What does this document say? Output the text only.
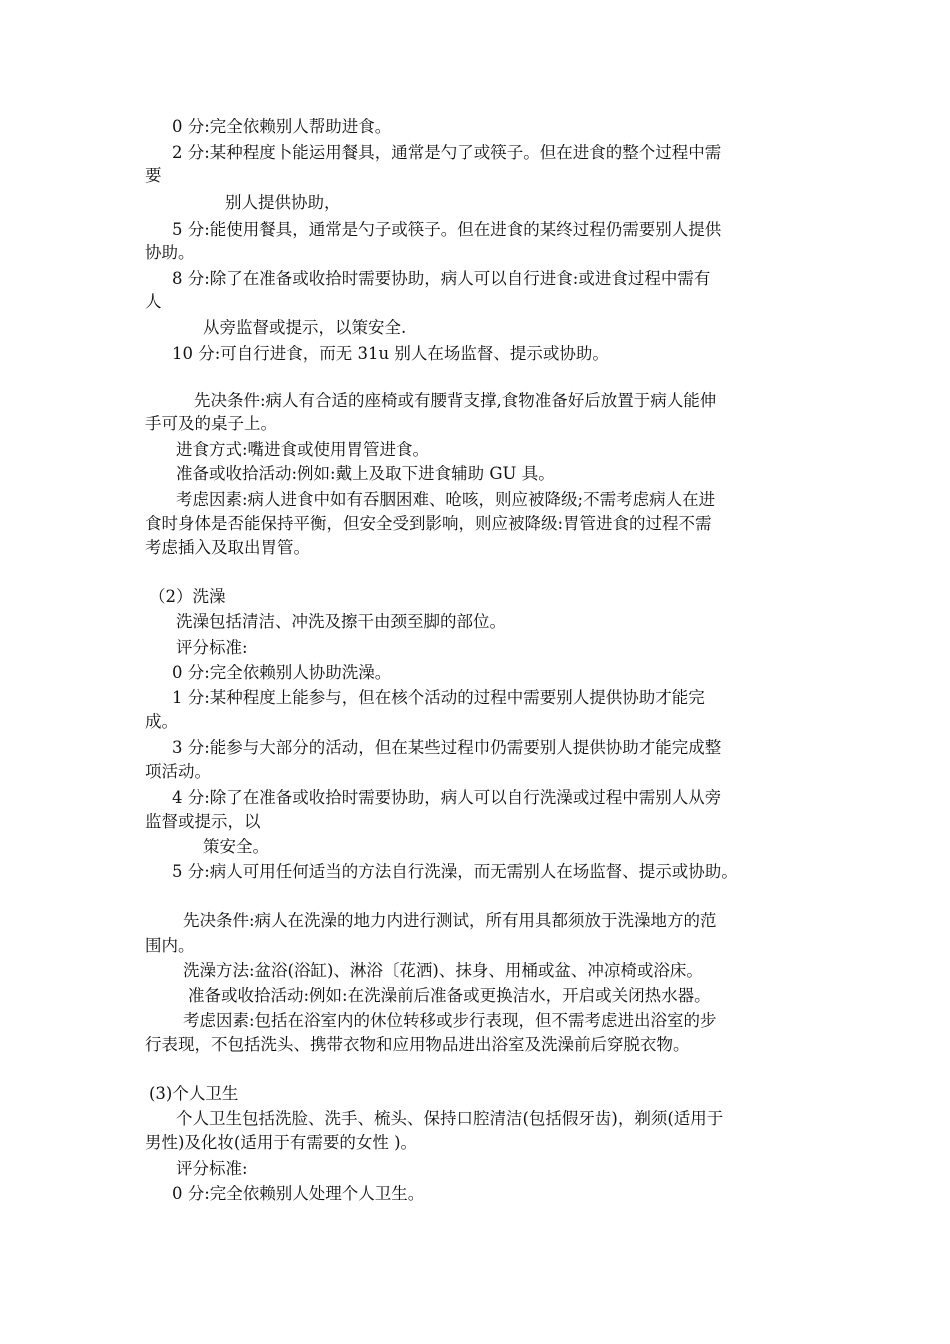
0 分:完全依赖别人帮助进食。
2 分:某种程度卜能运用餐具，通常是勺了或筷子。但在进食的整个过程中需
要
别人提供协助，
5 分:能使用餐具，通常是勺子或筷子。但在进食的某终过程仍需要别人提供
协助。
8 分:除了在准备或收拾时需要协助，病人可以自行进食:或进食过程中需有
人
从旁监督或提示，以策安全.
10 分:可自行进食，而无 31u 别人在场监督、提示或协助。
先决条件:病人有合适的座椅或有腰背支撑,食物准备好后放置于病人能伸
手可及的桌子上。
进食方式:嘴进食或使用胃管进食。
准备或收拾活动:例如:戴上及取下进食辅助 GU 具。
考虑因素:病人进食中如有吞胭困难、呛咳，则应被降级;不需考虑病人在进
食时身体是否能保持平衡，但安全受到影响，则应被降级:胃管进食的过程不需
考虑插入及取出胃管。
（2）洗澡
洗澡包括清洁、冲洗及擦干由颈至脚的部位。
评分标准:
0 分:完全依赖别人协助洗澡。
1 分:某种程度上能参与，但在核个活动的过程中需要别人提供协助才能完
成。
3 分:能参与大部分的活动，但在某些过程巾仍需要别人提供协助才能完成整
项活动。
4 分:除了在准备或收拾时需要协助，病人可以自行洗澡或过程中需别人从旁
监督或提示，以
策安全。
5 分:病人可用任何适当的方法自行洗澡，而无需别人在场监督、提示或协助。
先决条件:病人在洗澡的地力内进行测试，所有用具都须放于洗澡地方的范
围内。
洗澡方法:盆浴(浴缸)、淋浴〔花洒)、抹身、用桶或盆、冲凉椅或浴床。
准备或收拾活动:例如:在洗澡前后准备或更换洁水，开启或关闭热水器。
考虑因素:包括在浴室内的休位转移或步行表现，但不需考虑进出浴室的步
行表现，不包括洗头、携带衣物和应用物品进出浴室及洗澡前后穿脱衣物。
(3)个人卫生
个人卫生包括洗脸、洗手、梳头、保持口腔清洁(包括假牙齿)，剃须(适用于
男性)及化妆(适用于有需要的女性 )。
评分标准:
0 分:完全依赖别人处理个人卫生。
